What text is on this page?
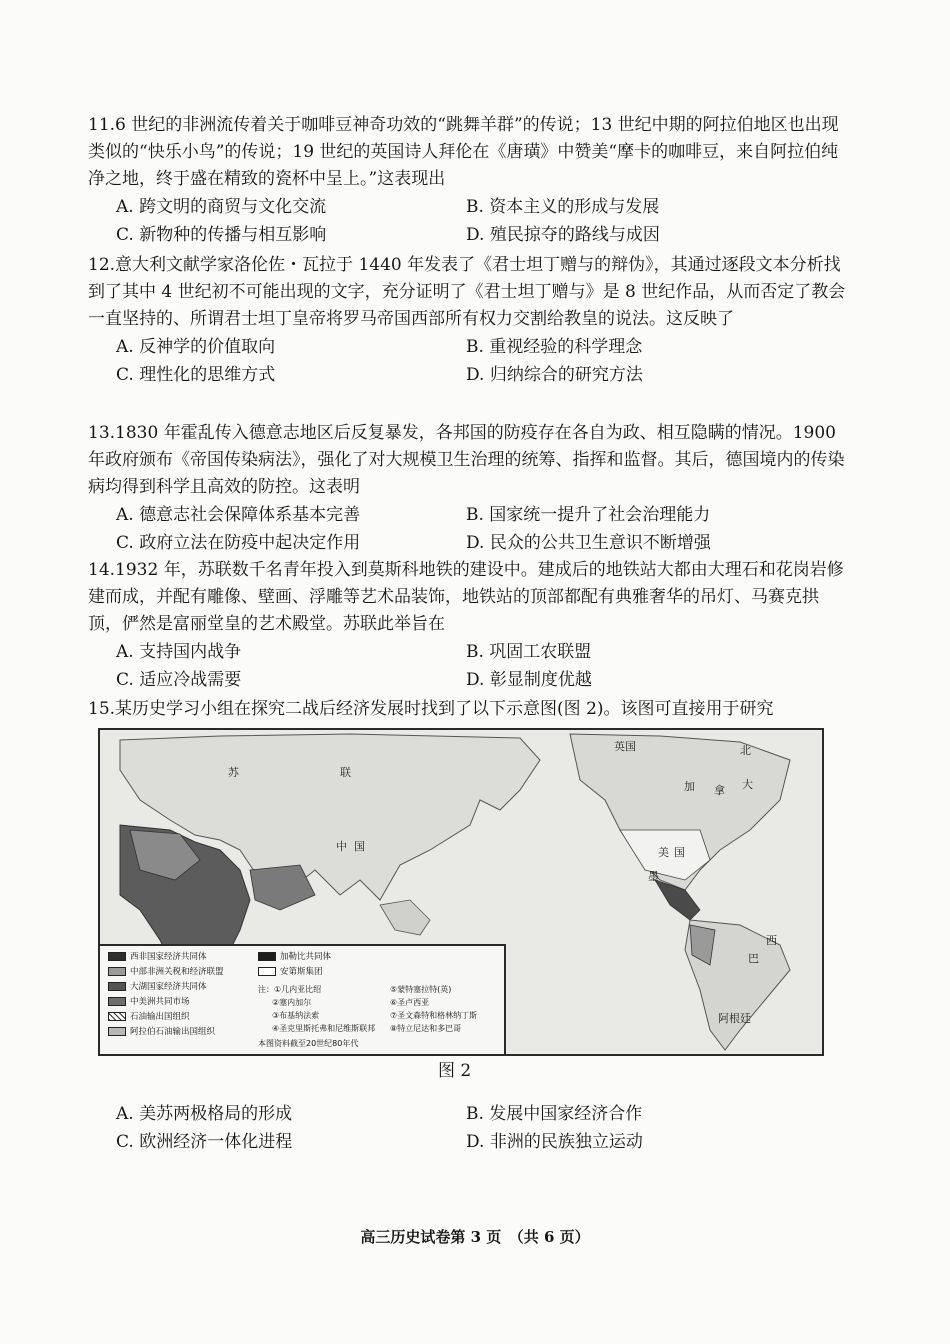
11.6 世纪的非洲流传着关于咖啡豆神奇功效的“跳舞羊群”的传说；13 世纪中期的阿拉伯地区也出现类似的“快乐小鸟”的传说；19 世纪的英国诗人拜伦在《唐璜》中赞美“摩卡的咖啡豆，来自阿拉伯纯净之地，终于盛在精致的瓷杯中呈上。”这表现出

A. 跨文明的商贸与文化交流	B. 资本主义的形成与发展
C. 新物种的传播与相互影响	D. 殖民掠夺的路线与成因

12.意大利文献学家洛伦佐・瓦拉于 1440 年发表了《君士坦丁赠与的辩伪》，其通过逐段文本分析找到了其中 4 世纪初不可能出现的文字，充分证明了《君士坦丁赠与》是 8 世纪作品，从而否定了教会一直坚持的、所谓君士坦丁皇帝将罗马帝国西部所有权力交割给教皇的说法。这反映了

A. 反神学的价值取向	B. 重视经验的科学理念
C. 理性化的思维方式	D. 归纳综合的研究方法

13.1830 年霍乱传入德意志地区后反复暴发，各邦国的防疫存在各自为政、相互隐瞒的情况。1900 年政府颁布《帝国传染病法》，强化了对大规模卫生治理的统筹、指挥和监督。其后，德国境内的传染病均得到科学且高效的防控。这表明

A. 德意志社会保障体系基本完善	B. 国家统一提升了社会治理能力
C. 政府立法在防疫中起决定作用	D. 民众的公共卫生意识不断增强

14.1932 年，苏联数千名青年投入到莫斯科地铁的建设中。建成后的地铁站大都由大理石和花岗岩修建而成，并配有雕像、壁画、浮雕等艺术品装饰，地铁站的顶部都配有典雅奢华的吊灯、马赛克拱顶，俨然是富丽堂皇的艺术殿堂。苏联此举旨在

A. 支持国内战争	B. 巩固工农联盟
C. 适应冷战需要	D. 彰显制度优越

15.某历史学习小组在探究二战后经济发展时找到了以下示意图(图 2)。该图可直接用于研究

苏	联
中 国
加 拿 大
美 国
英国	北
墨
巴
西
阿根廷
西非国家经济共同体
中部非洲关税和经济联盟
大湖国家经济共同体
中美洲共同市场
石油输出国组织
阿拉伯石油输出国组织
加勒比共同体
安第斯集团
注：①几内亚比绍
②塞内加尔
③布基纳法索
④圣克里斯托弗和尼维斯联邦
⑤蒙特塞拉特(英)
⑥圣卢西亚
⑦圣文森特和格林纳丁斯
⑧特立尼达和多巴哥
本图资料截至20世纪80年代
图 2
A. 美苏两极格局的形成	B. 发展中国家经济合作
C. 欧洲经济一体化进程	D. 非洲的民族独立运动
高三历史试卷第 3 页　（共 6 页）
